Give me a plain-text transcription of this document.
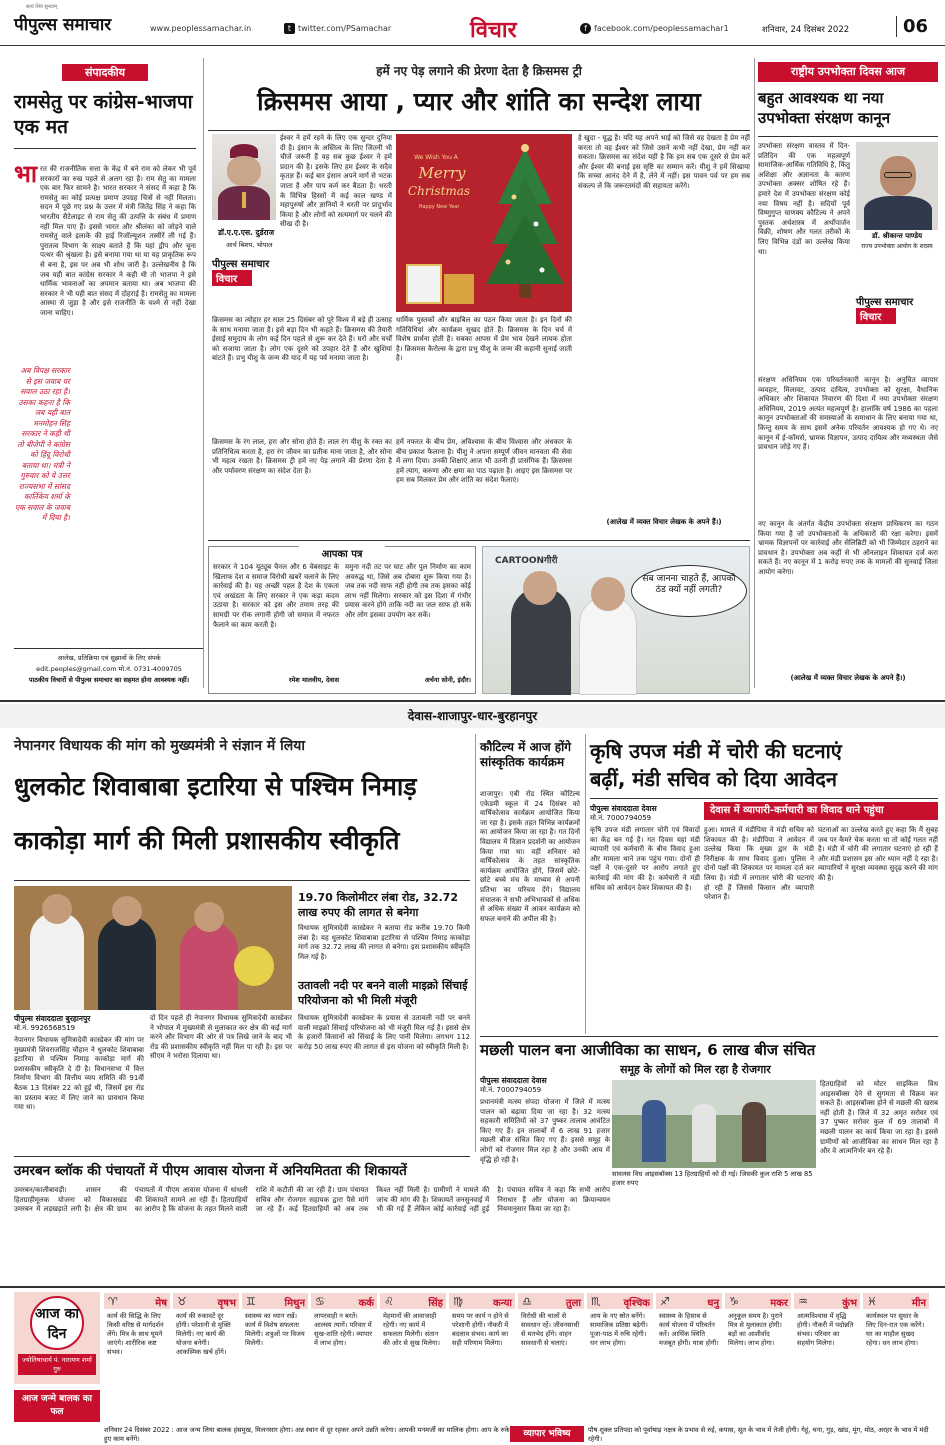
पीपुल्स समाचार
सत्यं शिवं सुन्दरम्
www.peoplessamachar.in	t twitter.com/PSamachar	विचार	f facebook.com/peoplessamachar1	शनिवार, 24 दिसंबर 2022	06
संपादकीय
रामसेतु पर कांग्रेस-भाजपा एक मत
भा रत की राजनीतिक सत्ता के केंद्र में बने राम को लेकर भी पूर्व सरकारों का रुख पहले से अलग रहा है। राम सेतु का मामला एक बार फिर सामने है। भारत सरकार ने संसद में कहा है कि रामसेतु का कोई प्रत्यक्ष प्रमाण उपग्रह चित्रों से नहीं मिलता। सदन में पूछे गए प्रश्न के उत्तर में मंत्री जितेंद्र सिंह ने कहा कि भारतीय सैटेलाइट से राम सेतु की उत्पत्ति के संबंध में प्रमाण नहीं मिल पाए हैं। इससे भारत और श्रीलंका को जोड़ने वाले रामसेतु वाले इलाके की हाई रिजॉल्यूशन तस्वीरें ली गई हैं। पुरातत्व विभाग के साक्ष्य बताते हैं कि यहां द्वीप और चूना पत्थर की श्रृंखला है। इसे बनाया गया था या यह प्राकृतिक रूप से बना है, इस पर अब भी शोध जारी है। उल्लेखनीय है कि जब यही बात कांग्रेस सरकार ने कही थी तो भाजपा ने इसे धार्मिक भावनाओं का अपमान बताया था। अब भाजपा की सरकार ने भी यही बात संसद में दोहराई है। रामसेतु का मामला आस्था से जुड़ा है और इसे राजनीति के चश्मे से नहीं देखा जाना चाहिए।
अब विपक्ष सरकार से इस जवाब पर सवाल उठा रहा है। उसका कहना है कि जब यही बात मनमोहन सिंह सरकार ने कही थी तो बीजेपी ने कांग्रेस को हिंदू विरोधी बताया था। मंत्री ने गुरुवार को ये उत्तर राज्यसभा में सांसद कार्तिकेय शर्मा के एक सवाल के जवाब में दिया है।
आलेख, प्रतिक्रिया एवं सुझावों के लिए संपर्क
edit.peoples@gmail.com मो.नं. 0731-4009705
पाठकीय विचारों से पीपुल्स समाचार का सहमत होना आवश्यक नहीं।
हमें नए पेड़ लगाने की प्रेरणा देता है क्रिसमस ट्री
क्रिसमस आया , प्यार और शांति का सन्देश लाया
डॉ.ए.ए.एस. दुर्डराज
आर्च बिशप, भोपाल
ईश्वर ने हमें रहने के लिए एक सुन्दर दुनिया दी है। इंसान के अस्तित्व के लिए जितनी भी चीजें जरूरी हैं वह सब कुछ ईश्वर ने हमें प्रदान की है। इसके लिए हम ईश्वर के सदैव कृतज्ञ हैं। कई बार इंसान अपने मार्ग से भटक जाता है और पाप कर्म कर बैठता है। धरती के विभिन्न हिस्सों में कई काल खण्ड में महापुरुषों और ज्ञानियों ने धरती पर प्रादुर्भाव किया है और लोगों को सत्यमार्ग पर चलने की सीख दी है।
पीपुल्स समाचार
विचार
क्रिसमस का त्योहार हर साल 25 दिसंबर को पूरे विश्व में बड़े ही उत्साह के साथ मनाया जाता है। इसे बड़ा दिन भी कहते हैं। क्रिसमस की तैयारी ईसाई समुदाय के लोग कई दिन पहले से शुरू कर देते हैं। घरों और चर्चों को सजाया जाता है। लोग एक दूसरे को उपहार देते हैं और खुशियां बांटते हैं। प्रभु यीशु के जन्म की याद में यह पर्व मनाया जाता है।
क्रिसमस के रंग लाल, हरा और सोना होते हैं। लाल रंग यीशु के रक्त का प्रतिनिधित्व करता है, हरा रंग जीवन का प्रतीक माना जाता है, और सोना भी महत्व रखता है। क्रिसमस ट्री हमें नए पेड़ लगाने की प्रेरणा देता है और पर्यावरण संरक्षण का संदेश देता है।
We Wish You A
Merry
Christmas
Happy New Year
धार्मिक पुस्तकों और बाइबिल का पठन किया जाता है। इन दिनों की गतिविधियां और कार्यक्रम सुखद होते हैं। क्रिसमस के दिन चर्च में विशेष प्रार्थना होती है। सबका आपस में प्रेम भाव देखने लायक होता है। क्रिसमस कैरोल्स के द्वारा प्रभु यीशु के जन्म की कहानी सुनाई जाती है।
हमें नफरत के बीच प्रेम, अविश्वास के बीच विश्वास और अंधकार के बीच प्रकाश फैलाना है। यीशु ने अपना सम्पूर्ण जीवन मानवता की सेवा में लगा दिया। उनकी शिक्षाएं आज भी उतनी ही प्रासंगिक हैं। क्रिसमस हमें त्याग, करुणा और क्षमा का पाठ पढ़ाता है। आइए इस क्रिसमस पर हम सब मिलकर प्रेम और शांति का संदेश फैलाएं।
हे खुदा - यूद्ध है। यदि यह अपने भाई को जिसे वह देखता है प्रेम नहीं करता तो वह ईश्वर को जिसे उसने कभी नहीं देखा, प्रेम नहीं कर सकता। क्रिसमस का संदेश यही है कि हम सब एक दूसरे से प्रेम करें और ईश्वर की बनाई इस सृष्टि का सम्मान करें। यीशु ने हमें सिखाया कि सच्चा आनंद देने में है, लेने में नहीं। इस पावन पर्व पर हम सब संकल्प लें कि जरूरतमंदों की सहायता करेंगे।
(आलेख में व्यक्त विचार लेखक के अपने हैं।)
आपका पत्र
सरकार ने 104 यूट्यूब चैनल और 6 वेबसाइट के खिलाफ देश व समाज विरोधी खबरें चलाने के लिए कार्रवाई की है। यह अच्छी पहल है देश के एकता एवं अखंडता के लिए सरकार ने एक कड़ा कदम उठाया है। सरकार को इस और तमाम तरह की सामग्री पर रोक लगानी होगी जो समाज में नफरत फैलाने का काम करती है।
रमेश मालवीय, देवास
यमुना नदी तट पर घाट और पुल निर्माण का काम अवरुद्ध था, जिसे अब दोबारा शुरू किया गया है। जब तक नदी साफ नहीं होगी तब तक इसका कोई लाभ नहीं मिलेगा। सरकार को इस दिशा में गंभीर प्रयास करने होंगे ताकि नदी का जल साफ हो सके और लोग इसका उपयोग कर सकें।
अर्चना सोनी, इंदौर।
CARTOONगीरी
सब जानना चाहते हैं, आपको ठंड क्यों नहीं लगती?
राष्ट्रीय उपभोक्ता दिवस आज
बहुत आवश्यक था नया उपभोक्ता संरक्षण कानून
उपभोक्ता संरक्षण वास्तव में दिन-प्रतिदिन की एक महत्वपूर्ण सामाजिक-आर्थिक गतिविधि है, किंतु अशिक्षा और अज्ञानता के कारण उपभोक्ता अक्सर शोषित रहे हैं। हमारे देश में उपभोक्ता संरक्षण कोई नया विषय नहीं है। सदियों पूर्व विष्णुगुप्त चाणक्य कौटिल्य ने अपने पुस्तक अर्थशास्त्र में अर्थोपार्जन विक्री, शोषण और गलत तरीकों के लिए विभिन्न दंडों का उल्लेख किया था।
डॉ. श्रीकान्त पाण्डेय
राज्य उपभोक्ता आयोग के सदस्य
पीपुल्स समाचार
विचार
संरक्षण अधिनियम एक परिवर्तनकारी कानून है। अनुचित व्यापार व्यवहार, मिलावट, उत्पाद दायित्व, उपभोक्ता को सुरक्षा, वैधानिक अधिकार और शिकायत निवारण की दिशा में नया उपभोक्ता संरक्षण अधिनियम, 2019 अत्यंत महत्वपूर्ण है। हालांकि वर्ष 1986 का पहला कानून उपभोक्ताओं की समस्याओं के समाधान के लिए बनाया गया था, किन्तु समय के साथ इसमें अनेक परिवर्तन आवश्यक हो गए थे। नए कानून में ई-कॉमर्स, भ्रामक विज्ञापन, उत्पाद दायित्व और मध्यस्थता जैसे प्रावधान जोड़े गए हैं।
नए कानून के अंतर्गत केंद्रीय उपभोक्ता संरक्षण प्राधिकरण का गठन किया गया है जो उपभोक्ताओं के अधिकारों की रक्षा करेगा। इसमें भ्रामक विज्ञापनों पर कार्रवाई और सेलिब्रिटी को भी जिम्मेदार ठहराने का प्रावधान है। उपभोक्ता अब कहीं से भी ऑनलाइन शिकायत दर्ज करा सकते हैं। नए कानून में 1 करोड़ रुपए तक के मामलों की सुनवाई जिला आयोग करेगा।
(आलेख में व्यक्त विचार लेखक के अपने हैं।)
देवास-शाजापुर-धार-बुरहानपुर
नेपानगर विधायक की मांग को मुख्यमंत्री ने संज्ञान में लिया
धुलकोट शिवाबाबा इटारिया से पश्चिम निमाड़
काकोड़ा मार्ग की मिली प्रशासकीय स्वीकृति
पीपुल्स संवाददाता बुरहानपुर
मो.नं. 9926568519
नेपानगर विधायक सुमित्रादेवी कास्डेकर की मांग पर मुख्यमंत्री शिवराजसिंह चौहान ने धुलकोट शिवाबाबा इटारिया से पश्चिम निमाड़ काकोड़ा मार्ग की प्रशासकीय स्वीकृति दे दी है। विधानसभा में वित्त निर्माण विभाग की वित्तीय व्यय समिति की 91वीं बैठक 13 दिसंबर 22 को हुई थी, जिसमें इस रोड का प्रस्ताव बजट में लिए जाने का प्रावधान किया गया था।
दो दिन पहले ही नेपानगर विधायक सुमित्रादेवी कास्डेकर ने भोपाल में मुख्यमंत्री से मुलाकात कर क्षेत्र की कई मार्ग करने और विभाग की ओर से पत्र लिखे जाने के बाद भी रोड की प्रशासकीय स्वीकृति नहीं मिल पा रही है। इस पर सीएम ने भरोसा दिलाया था।
19.70 किलोमीटर लंबा रोड, 32.72 लाख रुपए की लागत से बनेगा
विधायक सुमित्रादेवी कास्डेकर ने बताया रोड करीब 19.70 किमी लंबा है। यह धुलकोट शिवाबाबा इटारिया से पश्चिम निमाड़ काकोड़ा मार्ग तक 32.72 लाख की लागत से बनेगा। इस प्रशासकीय स्वीकृति मिल गई है।
उतावली नदी पर बनने वाली माइक्रो सिंचाई परियोजना को भी मिली मंजूरी
विधायक सुमित्रादेवी कास्डेकर के प्रयास से उतावली नदी पर बनने वाली माइक्रो सिंचाई परियोजना को भी मंजूरी मिल गई है। इससे क्षेत्र के हजारों किसानों को सिंचाई के लिए पानी मिलेगा। लगभग 112 करोड़ 50 लाख रुपए की लागत से इस योजना को स्वीकृति मिली है।
कौटिल्य में आज होंगे सांस्कृतिक कार्यक्रम
शाजापुर। एबी रोड स्थित कौटिल्य एकेडमी स्कूल में 24 दिसंबर को वार्षिकोत्सव कार्यक्रम आयोजित किया जा रहा है। इसके तहत विभिन्न कार्यक्रमों का आयोजन किया जा रहा है। गत दिनों विद्यालय में विज्ञान प्रदर्शनी का आयोजन किया गया था। वहीं शनिवार को वार्षिकोत्सव के तहत सांस्कृतिक कार्यक्रम आयोजित होंगे, जिसमें छोटे-छोटे बच्चे मंच के माध्यम से अपनी प्रतिभा का परिचय देंगे। विद्यालय संचालक ने सभी अभिभावकों से अधिक से अधिक संख्या में आकर कार्यक्रम को सफल बनाने की अपील की है।
कृषि उपज मंडी में चोरी की घटनाएं
बढ़ीं, मंडी सचिव को दिया आवेदन
पीपुल्स संवाददाता देवास
मो.नं. 7000794059
देवास में व्यापारी-कर्मचारी का विवाद थाने पहुंचा
कृषि उपज मंडी लगातार चोरी एवं विवादों का केंद्र बन गई है। गत दिवस यहां मंडी व्यापारी एवं कर्मचारी के बीच विवाद हुआ और मामला थाने तक पहुंच गया। दोनों ही पक्षों ने एक-दूसरे पर आरोप लगाते हुए कार्रवाई की मांग की है। कर्मचारी ने मंडी सचिव को आवेदन देकर शिकायत की है।
हुआ। मामले में मंडीपिया ने मंडी सचिव को शिकायत की है। मंडीपिया ने आवेदन में उल्लेख किया कि मुख्य द्वार के मंडी निरीक्षक के साथ विवाद हुआ। पुलिस ने दोनों पक्षों की शिकायत पर मामला दर्ज कर लिया है। मंडी में लगातार चोरी की घटनाएं हो रही हैं जिससे किसान और व्यापारी परेशान हैं।
घटनाओं का उल्लेख करते हुए कहा कि मैं सुबह जब पर कैमरे चेक करता था तो कोई गलत नहीं है। मंडी में चोरी की लगातार घटनाएं हो रही हैं और मंडी प्रशासन इस ओर ध्यान नहीं दे रहा है। व्यापारियों ने सुरक्षा व्यवस्था सुदृढ़ करने की मांग की है।
मछली पालन बना आजीविका का साधन, 6 लाख बीज संचित
समूह के लोगों को मिल रहा है रोजगार
पीपुल्स संवाददाता देवास
मो.नं. 7000794059
प्रधानमंत्री मत्स्य संपदा योजना में जिले में मत्स्य पालन को बढ़ावा दिया जा रहा है। 32 मत्स्य सहकारी समितियों को 37 पुष्कर तालाब आवंटित किए गए हैं। इन तालाबों में 6 लाख 91 हजार मछली बीज संचित किए गए हैं। इससे समूह के लोगों को रोजगार मिल रहा है और उनकी आय में वृद्धि हो रही है।
सावलस विध आइसबॉक्स 13 हितग्राहियों को दी गई। जिसकी कुल राशि 5 लाख 85 हजार रुपए
हितग्राहियों को मोटर साइकिल विध आइसबॉक्स देने से सुगमता से विक्रय कर सकते हैं। आइसबॉक्स होने से मछली की खराब नहीं होती है। जिले में 32 अमृत सरोवर एवं 37 पुष्कर सरोवर कुल में 69 तालाबों में मछली पालन का कार्य किया जा रहा है। इससे ग्रामीणों को आजीविका का साधन मिल रहा है और वे आत्मनिर्भर बन रहे हैं।
उमरबन ब्लॉक की पंचायतों में पीएम आवास योजना में अनियमितता की शिकायतें
उमरबन/कालीबावड़ी। शासन की हितग्राहीमूलक योजना को विकासखंड उमरबन में लड़खड़ाते लगी है। क्षेत्र की ग्राम पंचायतों में पीएम आवास योजना में धांधली की शिकायतें सामने आ रही हैं। हितग्राहियों का आरोप है कि योजना के तहत मिलने वाली राशि में कटौती की जा रही है। ग्राम पंचायत सचिव और रोजगार सहायक द्वारा पैसे मांगे जा रहे हैं। कई हितग्राहियों को अब तक किश्त नहीं मिली है। ग्रामीणों ने मामले की जांच की मांग की है। शिकायतें जनसुनवाई में भी की गई हैं लेकिन कोई कार्रवाई नहीं हुई है। पंचायत सचिव ने कहा कि सभी आरोप निराधार हैं और योजना का क्रियान्वयन नियमानुसार किया जा रहा है।
आज का
दिन
ज्योतिषाचार्य पं. नारायण शर्मा गुरु
आज जन्मे बालक का फल
मेष
♈
कार्य की सिद्धि के लिए किसी वरिष्ठ से मार्गदर्शन लेंगे। मित्र के साथ घूमने जाएंगे। शारीरिक कष्ट संभव।
वृषभ
♉
कार्य की रुकावटें दूर होंगी। परेशानी से मुक्ति मिलेगी। नए कार्य की योजना बनेगी। आकस्मिक खर्च होंगे।
मिथुन
♊
स्वास्थ्य का ध्यान रखें। कार्य में विशेष सफलता मिलेगी। शत्रुओं पर विजय मिलेगी।
कर्क
♋
लापरवाही न बरतें। आलस्य त्यागें। परिवार में सुख-शांति रहेगी। व्यापार में लाभ होगा।
सिंह
♌
मेहमानों की आवाजाही रहेगी। नए कार्य में सफलता मिलेगी। संतान की ओर से सुख मिलेगा।
कन्या
♍
समय पर कार्य न होने से परेशानी होगी। नौकरी में बदलाव संभव। कार्य का सही परिणाम मिलेगा।
तुला
♎
विरोधी की चालों से सावधान रहें। जीवनसाथी से मतभेद होंगे। वाहन सावधानी से चलाएं।
वृश्चिक
♏
आय के नए स्रोत बनेंगे। सामाजिक प्रतिष्ठा बढ़ेगी। पूजा-पाठ में रुचि रहेगी। धन लाभ होगा।
धनु
♐
स्वास्थ्य के हिसाब से कार्य योजना में परिवर्तन करें। आर्थिक स्थिति मजबूत होगी। यात्रा होगी।
मकर
♑
अनुकूल समय है। पुराने मित्र से मुलाकात होगी। बड़ों का आशीर्वाद मिलेगा। लाभ होगा।
कुंभ
♒
आत्मविश्वास में वृद्धि होगी। नौकरी में पदोन्नति संभव। परिवार का सहयोग मिलेगा।
मीन
♓
कार्यस्थल पर सुधार के लिए दिन-रात एक करेंगे। घर का माहौल सुखद रहेगा। धन लाभ होगा।
शनिवार 24 दिसंबर 2022 : आज जन्म लिया बालक हंसमुख, मिलनसार होगा। अन्न स्थान से दूर रहकर अपने उन्नति करेगा। आपकी मनमर्जी का मालिक होगा। आप के रुके हुए काम बनेंगे।	व्यापार भविष्य	पौष शुक्ल प्रतिपदा को पूर्वाषाढ़ नक्षत्र के प्रभाव से रुई, कपास, सूत के भाव में तेजी होगी। गेहूं, चना, गुड़, खांड, मूंग, मोठ, अरहर के भाव में मंदी रहेगी।
